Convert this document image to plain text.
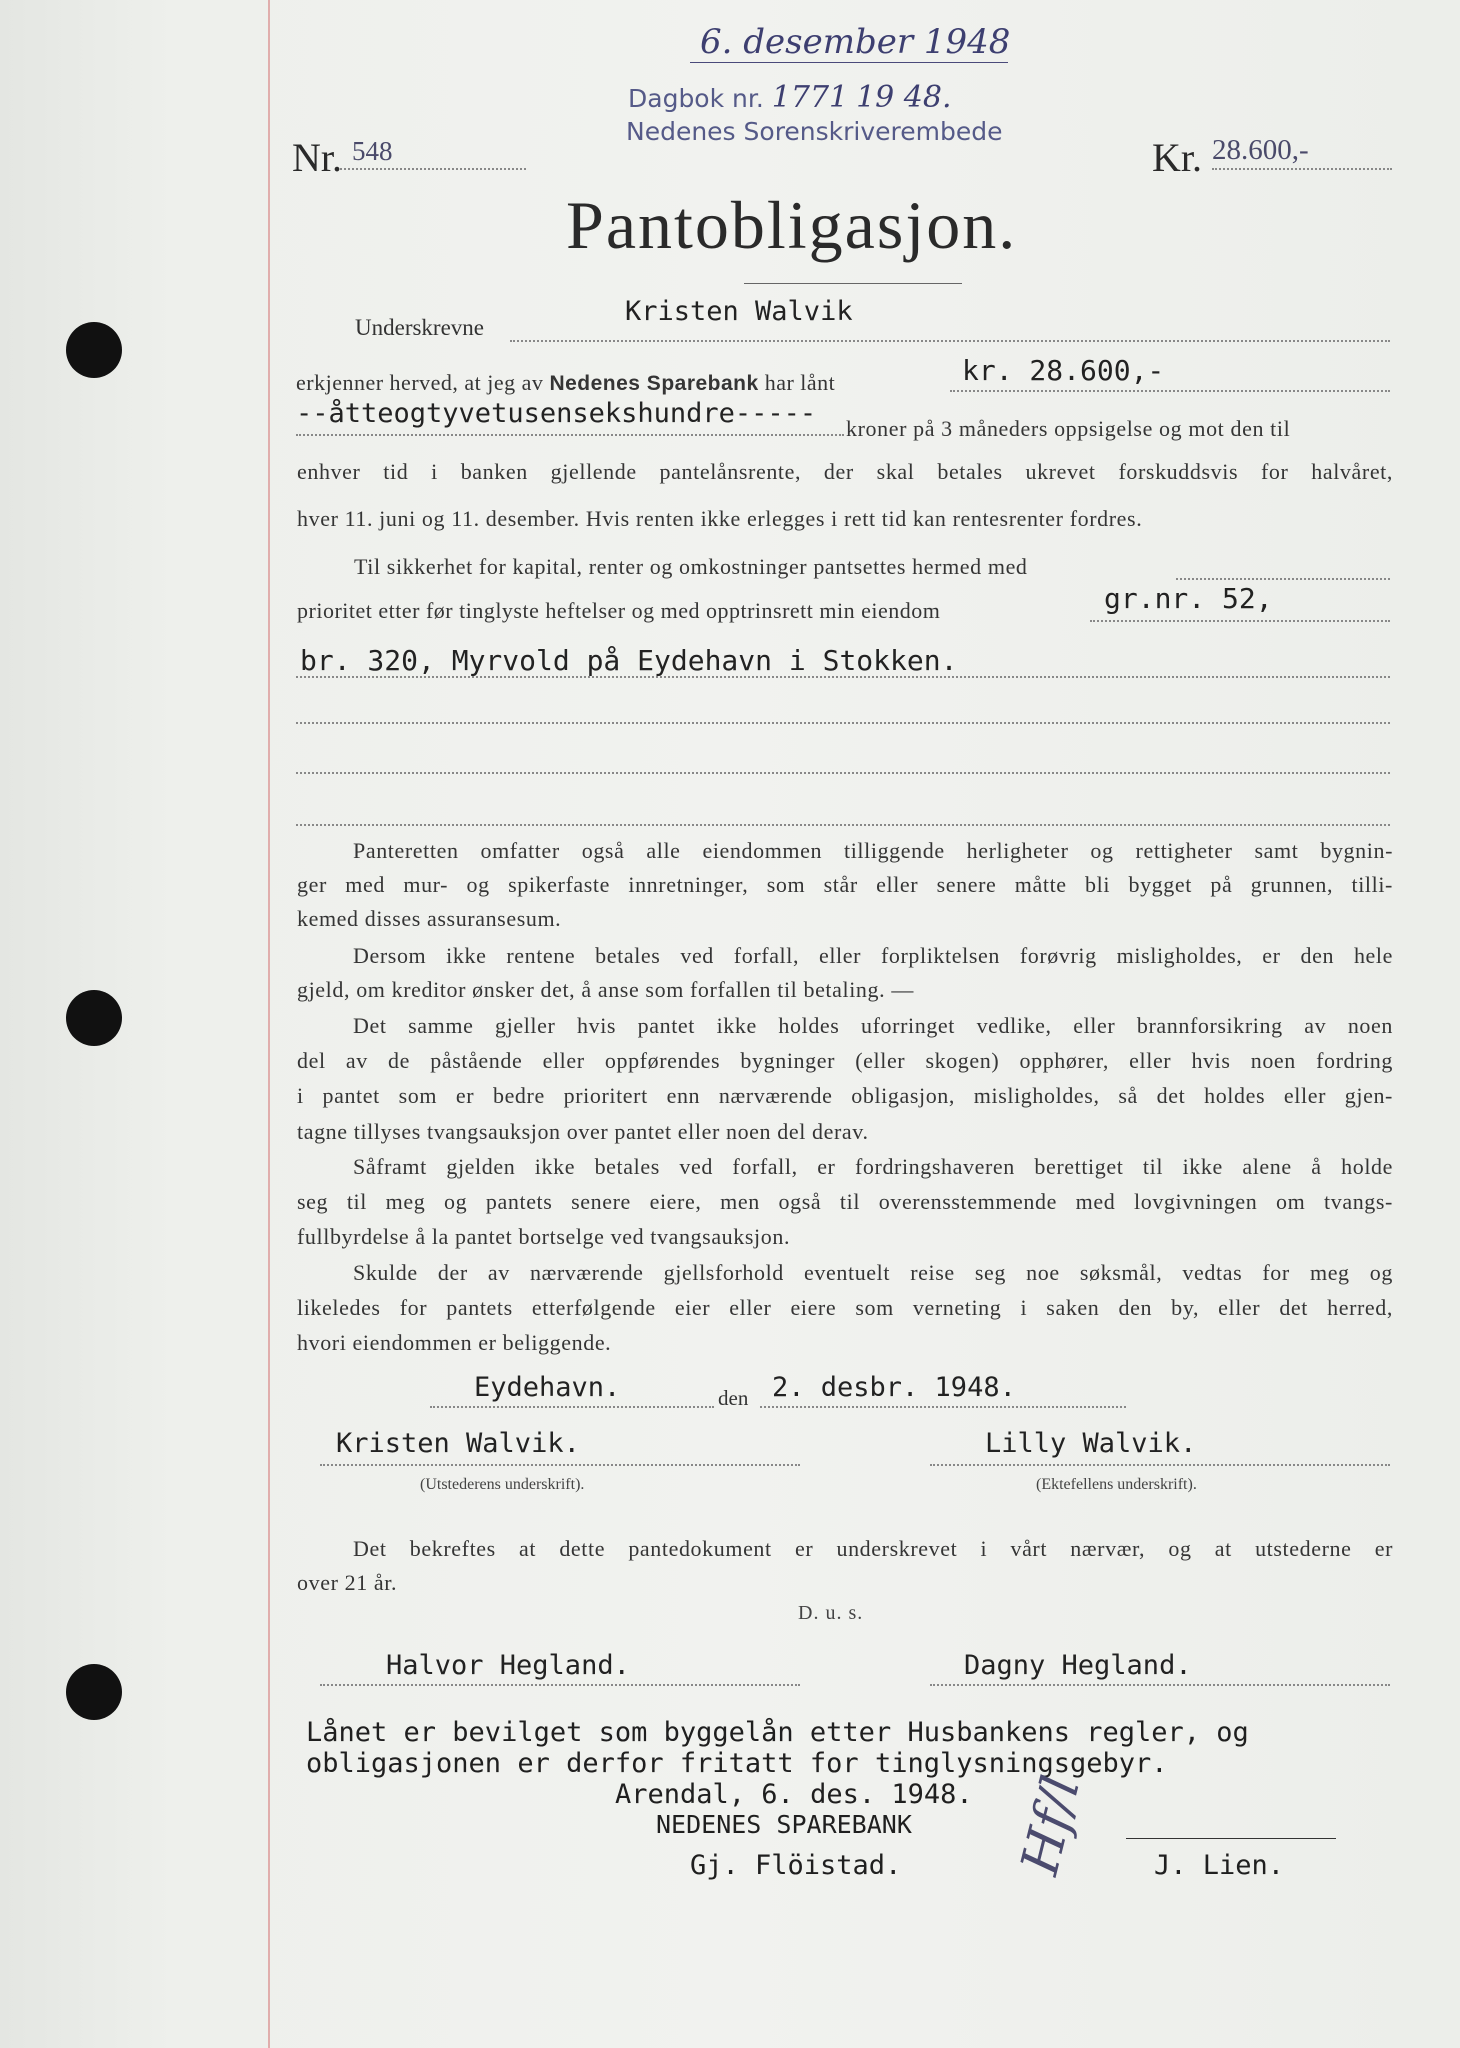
6. desember 1948
Dagbok nr. 1771 19 48.
Nedenes Sorenskriverembede
Nr. 548	Kr. 28.600,-
Pantobligasjon.
Underskrevne
Kristen Walvik
erkjenner herved, at jeg av Nedenes Sparebank har lånt	kr. 28.600,-
--åtteogtyvetusensekshundre----- kroner på 3 måneders oppsigelse og mot den til
enhver tid i banken gjellende pantelånsrente, der skal betales ukrevet forskuddsvis for halvåret,
hver 11. juni og 11. desember. Hvis renten ikke erlegges i rett tid kan rentesrenter fordres.
Til sikkerhet for kapital, renter og omkostninger pantsettes hermed med
prioritet etter før tinglyste heftelser og med opptrinsrett min eiendom	gr.nr. 52,
br. 320, Myrvold på Eydehavn i Stokken.
Panteretten omfatter også alle eiendommen tilliggende herligheter og rettigheter samt bygnin-
ger med mur- og spikerfaste innretninger, som står eller senere måtte bli bygget på grunnen, tilli-
kemed disses assuransesum.
Dersom ikke rentene betales ved forfall, eller forpliktelsen forøvrig misligholdes, er den hele
gjeld, om kreditor ønsker det, å anse som forfallen til betaling. —
Det samme gjeller hvis pantet ikke holdes uforringet vedlike, eller brannforsikring av noen
del av de påstående eller oppførendes bygninger (eller skogen) opphører, eller hvis noen fordring
i pantet som er bedre prioritert enn nærværende obligasjon, misligholdes, så det holdes eller gjen-
tagne tillyses tvangsauksjon over pantet eller noen del derav.
Såframt gjelden ikke betales ved forfall, er fordringshaveren berettiget til ikke alene å holde
seg til meg og pantets senere eiere, men også til overensstemmende med lovgivningen om tvangs-
fullbyrdelse å la pantet bortselge ved tvangsauksjon.
Skulde der av nærværende gjellsforhold eventuelt reise seg noe søksmål, vedtas for meg og
likeledes for pantets etterfølgende eier eller eiere som verneting i saken den by, eller det herred,
hvori eiendommen er beliggende.
Eydehavn.	den 2. desbr. 1948.
Kristen Walvik.
(Utstederens underskrift).
Lilly Walvik.
(Ektefellens underskrift).
Det bekreftes at dette pantedokument er underskrevet i vårt nærvær, og at utstederne er
over 21 år.
D. u. s.
Halvor Hegland.	Dagny Hegland.
Lånet er bevilget som byggelån etter Husbankens regler, og
obligasjonen er derfor fritatt for tinglysningsgebyr.
Arendal, 6. des. 1948.
NEDENES SPAREBANK
Gj. Flöistad.	J. Lien.
Hf/l
